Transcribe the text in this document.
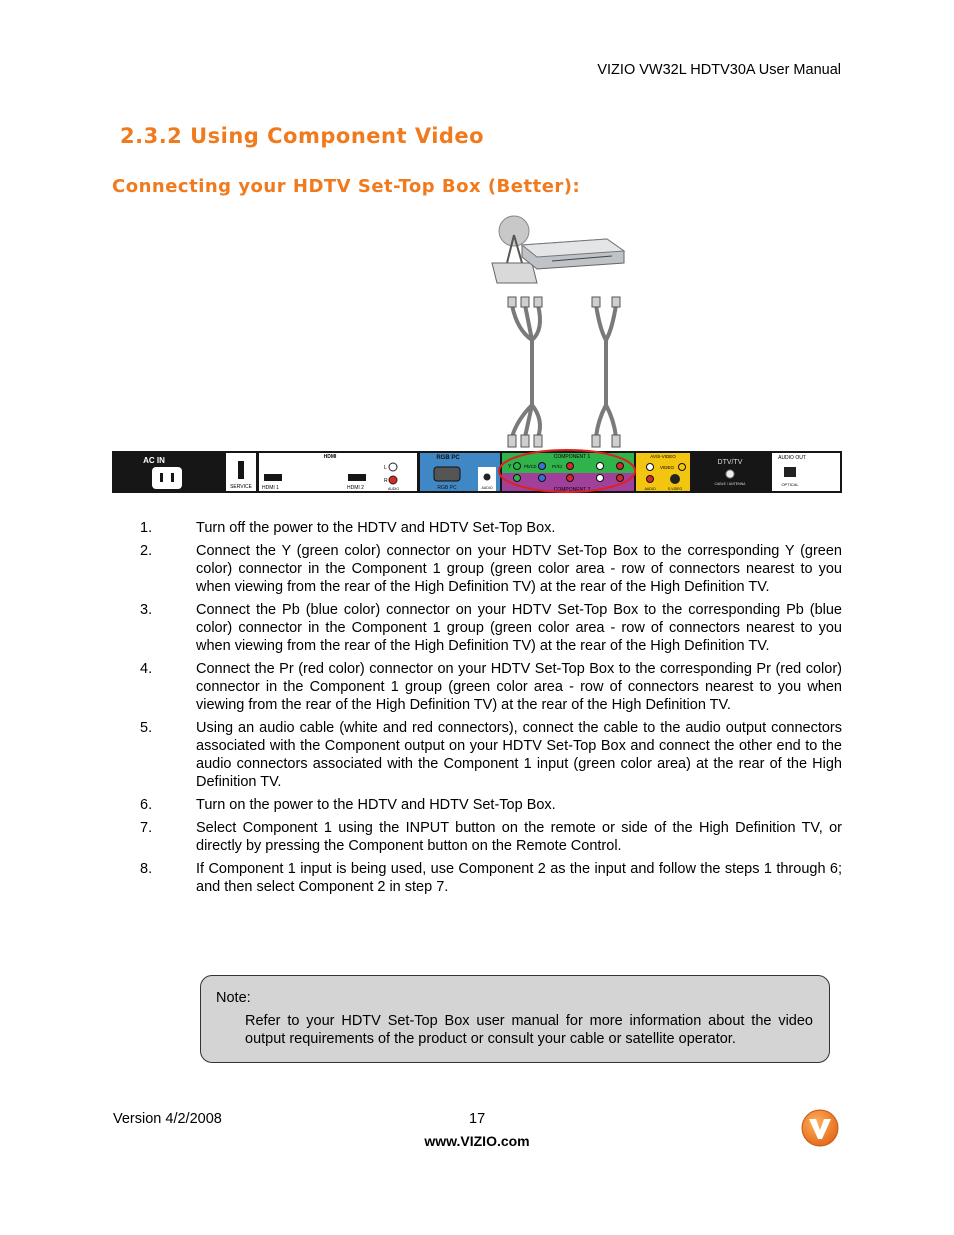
VIZIO VW32L HDTV30A User Manual
2.3.2 Using Component Video
Connecting your HDTV Set-Top Box (Better):
AC IN
SERVICE
HDMI
HDMI 1	HDMI 2
L
R
AUDIO
RGB PC
RGB PC	AUDIO
COMPONENT 1
COMPONENT 2
Y	Pb/Cb	Pr/Cr
AV/S-VIDEO
VIDEO
AUDIO	S-VIDEO
DTV/TV
CABLE / ANTENNA
AUDIO OUT
OPTICAL
1.	Turn off the power to the HDTV and HDTV Set-Top Box.
2.	Connect the Y (green color) connector on your HDTV Set-Top Box to the corresponding Y (green color) connector in the Component 1 group (green color area - row of connectors nearest to you when viewing from the rear of the High Definition TV) at the rear of the High Definition TV.
3.	Connect the Pb (blue color) connector on your HDTV Set-Top Box to the corresponding Pb (blue color) connector in the Component 1 group (green color area - row of connectors nearest to you when viewing from the rear of the High Definition TV) at the rear of the High Definition TV.
4.	Connect the Pr (red color) connector on your HDTV Set-Top Box to the corresponding Pr (red color) connector in the Component 1 group (green color area - row of connectors nearest to you when viewing from the rear of the High Definition TV) at the rear of the High Definition TV.
5.	Using an audio cable (white and red connectors), connect the cable to the audio output connectors associated with the Component output on your HDTV Set-Top Box and connect the other end to the audio connectors associated with the Component 1 input (green color area) at the rear of the High Definition TV.
6.	Turn on the power to the HDTV and HDTV Set-Top Box.
7.	Select Component 1 using the INPUT button on the remote or side of the High Definition TV, or directly by pressing the Component button on the Remote Control.
8.	If Component 1 input is being used, use Component 2 as the input and follow the steps 1 through 6; and then select Component 2 in step 7.
Note:
Refer to your HDTV Set-Top Box user manual for more information about the video output requirements of the product or consult your cable or satellite operator.
Version 4/2/2008	17
www.VIZIO.com
